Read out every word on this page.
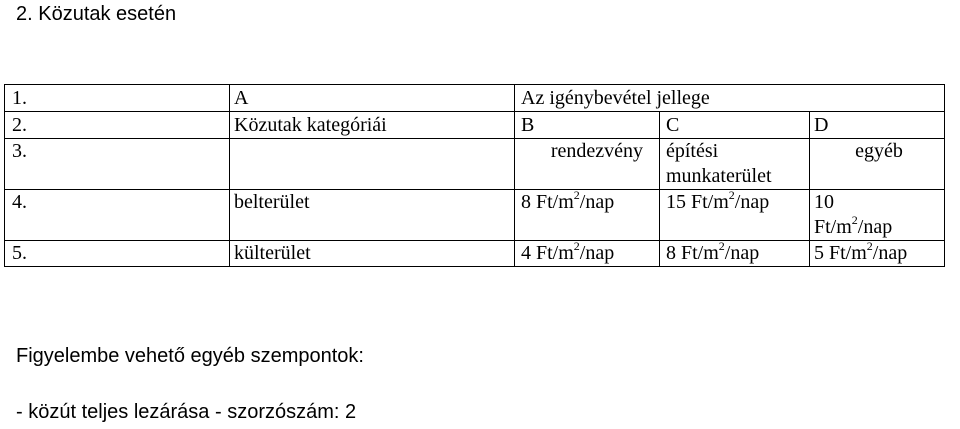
2. Közutak esetén
1.	A	Az igénybevétel jellege		
2.	Közutak kategóriái	B	C	D
3.		rendezvény	építési munkaterület	egyéb
4.	belterület	8 $Ft/m^2$/nap	15 $Ft/m^2$/nap	10
$Ft/m^2$/nap
5.	külterület	4 $Ft/m^2$/nap	8 $Ft/m^2$/nap	5 $Ft/m^2$/nap
Figyelembe vehető egyéb szempontok:
- közút teljes lezárása - szorzószám: 2
